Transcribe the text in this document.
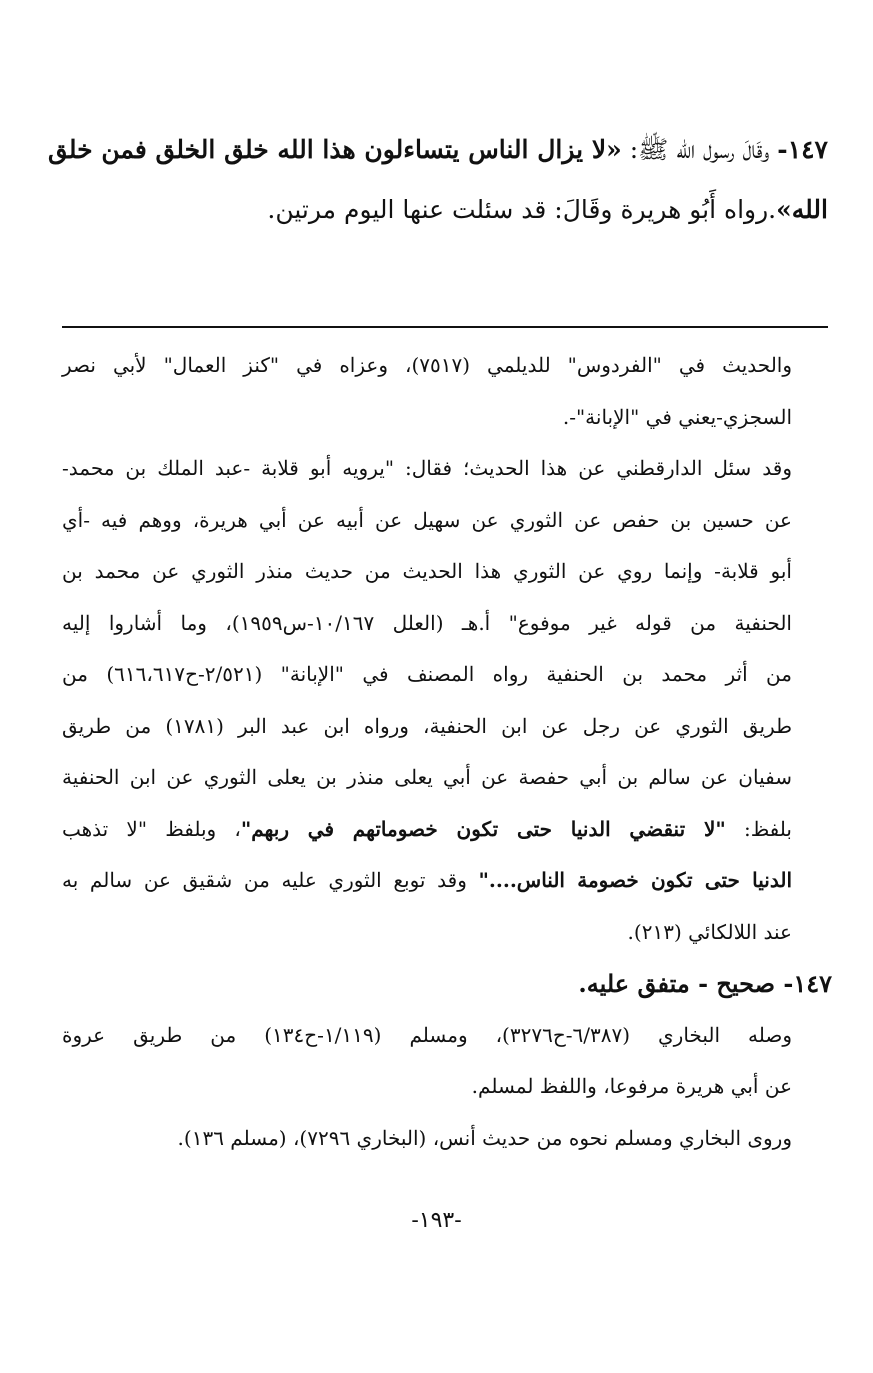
١٤٧- وقَالَ رسول الله ﷺ: «لا يزال الناس يتساءلون هذا الله خلق الخلق فمن خلق الله».رواه أَبُو هريرة وقَالَ: قد سئلت عنها اليوم مرتين.
والحديث في "الفردوس" للديلمي (٧٥١٧)، وعزاه في "كنز العمال" لأبي نصر
السجزي-يعني في "الإبانة"-.
وقد سئل الدارقطني عن هذا الحديث؛ فقال: "يرويه أبو قلابة -عبد الملك بن محمد-
عن حسين بن حفص عن الثوري عن سهيل عن أبيه عن أبي هريرة، ووهم فيه -أي
أبو قلابة- وإنما روي عن الثوري هذا الحديث من حديث منذر الثوري عن محمد بن
الحنفية من قوله غير موفوع" أ.هـ (العلل ١٠/١٦٧-س١٩٥٩)، وما أشاروا إليه
من أثر محمد بن الحنفية رواه المصنف في "الإبانة" (٢/٥٢١-ح٦١٦،٦١٧) من
طريق الثوري عن رجل عن ابن الحنفية، ورواه ابن عبد البر (١٧٨١) من طريق
سفيان عن سالم بن أبي حفصة عن أبي يعلى منذر بن يعلى الثوري عن ابن الحنفية
بلفظ: "لا تنقضي الدنيا حتى تكون خصوماتهم في ربهم"، وبلفظ "لا تذهب
الدنيا حتى تكون خصومة الناس...." وقد توبع الثوري عليه من شقيق عن سالم به
عند اللالكائي (٢١٣).
١٤٧- صحيح - متفق عليه.
وصله البخاري (٦/٣٨٧-ح٣٢٧٦)، ومسلم (١/١١٩-ح١٣٤) من طريق عروة
عن أبي هريرة مرفوعا، واللفظ لمسلم.
وروى البخاري ومسلم نحوه من حديث أنس، (البخاري ٧٢٩٦)، (مسلم ١٣٦).
-١٩٣-
